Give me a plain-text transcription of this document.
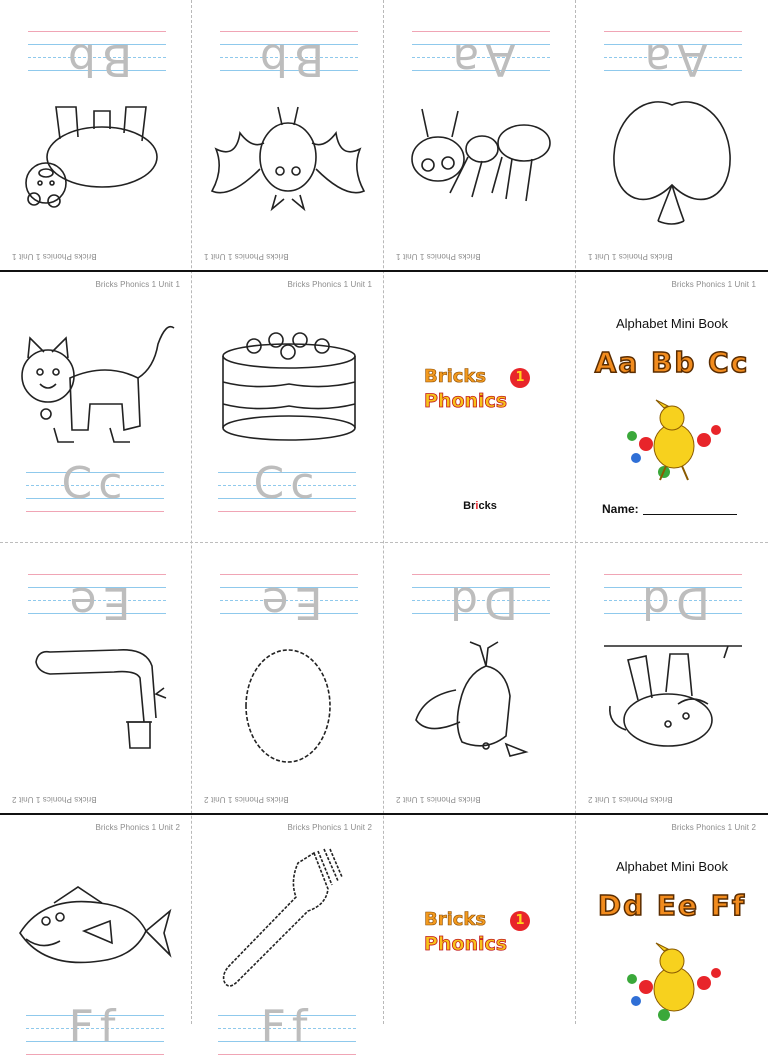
Bricks Phonics 1 Unit 1
Bb
Bricks Phonics 1 Unit 1
Bb
Bricks Phonics 1 Unit 1
Aa
Bricks Phonics 1 Unit 1
Aa
Bricks Phonics 1 Unit 1
Cc
Bricks Phonics 1 Unit 1
Cc
Bricks	1
Phonics
Bricks
Bricks Phonics 1 Unit 1
Alphabet Mini Book
Aa Bb Cc
Name:
Bricks Phonics 1 Unit 2
Ee
Bricks Phonics 1 Unit 2
Ee
Bricks Phonics 1 Unit 2
Dd
Bricks Phonics 1 Unit 2
Dd
Bricks Phonics 1 Unit 2
Ff
Bricks Phonics 1 Unit 2
Ff
Bricks	1
Phonics
Bricks Phonics 1 Unit 2
Alphabet Mini Book
Dd Ee Ff
